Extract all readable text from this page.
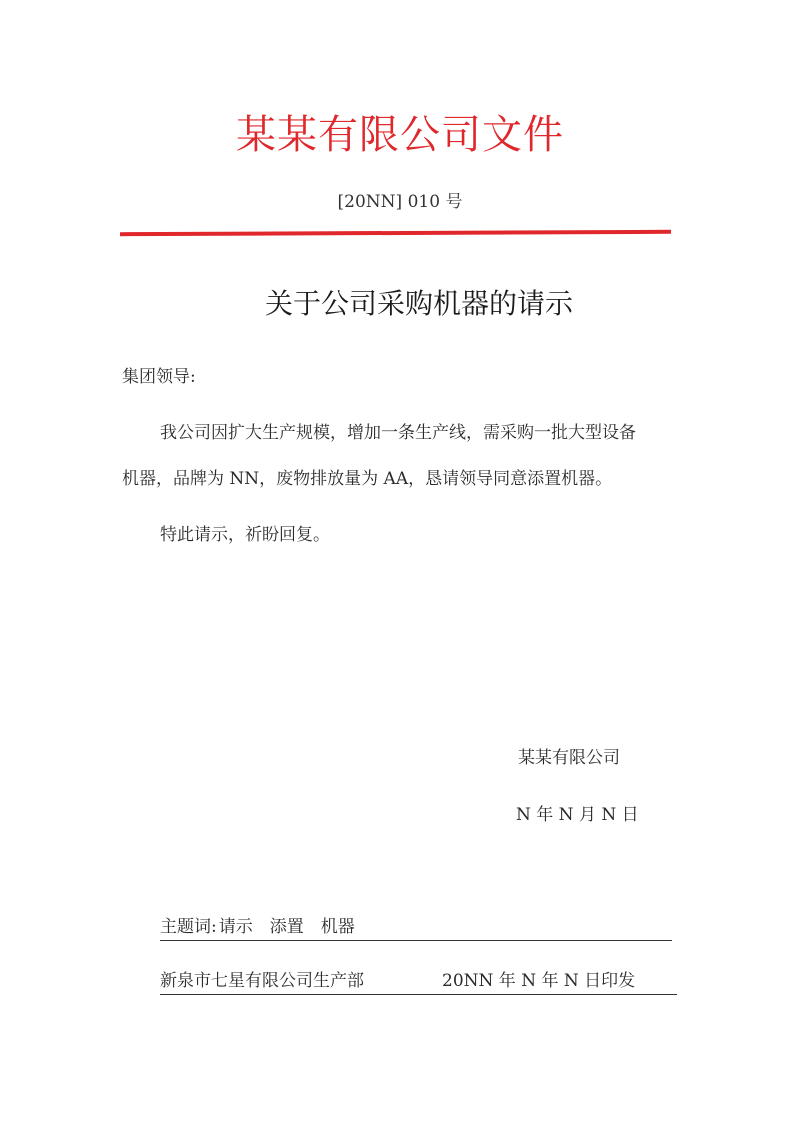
某某有限公司文件
[20NN] 010 号
关于公司采购机器的请示
集团领导:
我公司因扩大生产规模，增加一条生产线，需采购一批大型设备
机器，品牌为 NN，废物排放量为 AA，恳请领导同意添置机器。
特此请示，祈盼回复。
某某有限公司
N 年 N 月 N 日
主题词: 请示　添置　机器
新泉市七星有限公司生产部	20NN 年 N 年 N 日印发
